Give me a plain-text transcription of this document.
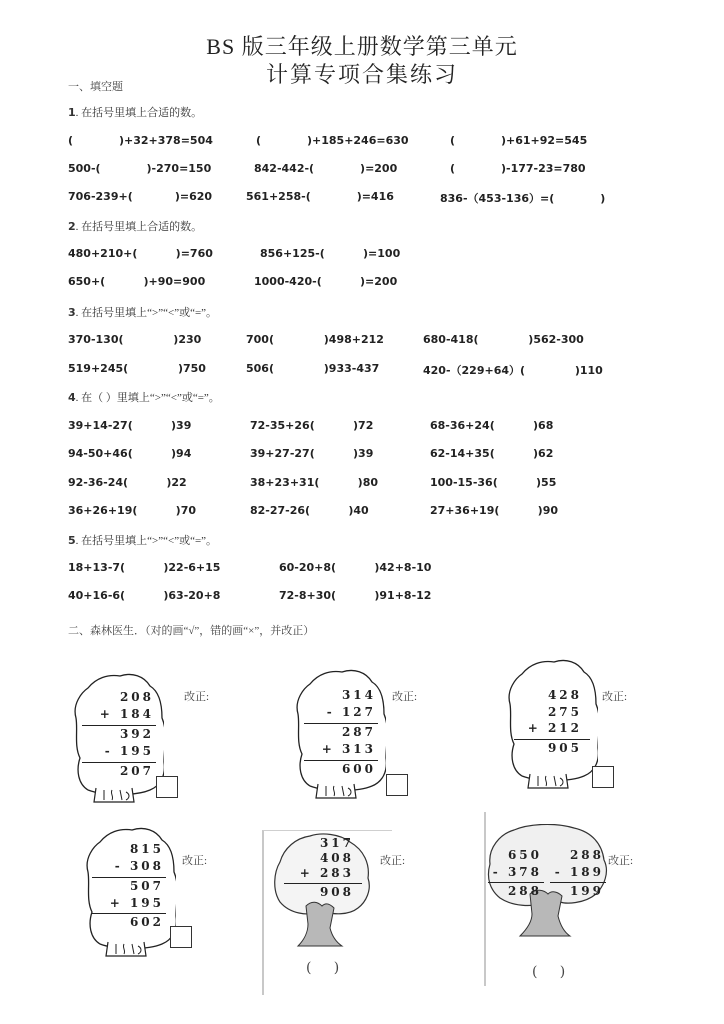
BS 版三年级上册数学第三单元
计算专项合集练习
一、填空题
1. 在括号里填上合适的数。
(            )+32+378=504	(            )+185+246=630	(            )+61+92=545
500-(            )-270=150	842-442-(            )=200	(            )-177-23=780
706-239+(           )=620	561+258-(            )=416	836-（453-136）=(            )
2. 在括号里填上合适的数。
480+210+(          )=760	856+125-(          )=100
650+(          )+90=900	1000-420-(          )=200
3. 在括号里填上“>”“<”或“=”。
370-130(             )230	700(             )498+212	680-418(             )562-300
519+245(             )750	506(             )933-437	420-（229+64）(             )110
4. 在（ ）里填上“>”“<”或“=”。
39+14-27(          )39	72-35+26(          )72	68-36+24(          )68
94-50+46(          )94	39+27-27(          )39	62-14+35(          )62
92-36-24(          )22	38+23+31(          )80	100-15-36(          )55
36+26+19(          )70	82-27-26(          )40	27+36+19(          )90
5. 在括号里填上“>”“<”或“=”。
18+13-7(          )22-6+15	60-20+8(          )42+8-10
40+16-6(          )63-20+8	72-8+30(          )91+8-12
二、森林医生．（对的画“√”，错的画“×”，并改正）
208
+ 184
392
- 195
207
改正:	314
- 127
287
+ 313
600
改正:	428
275
+ 212
905
改正:
815
- 308
507
+ 195
602
改正:
317
408
+ 283
908
(     )
改正:	650
- 378
288
288
- 189
199
(     )
改正:
